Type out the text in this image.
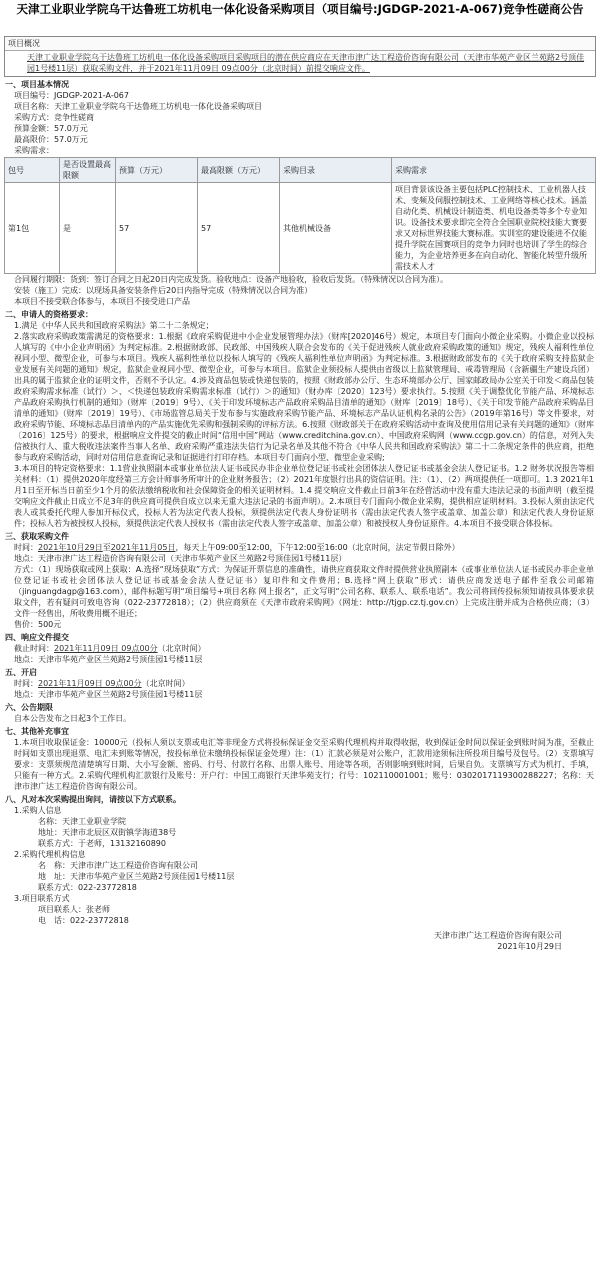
天津工业职业学院乌干达鲁班工坊机电一体化设备采购项目（项目编号:JGDGP-2021-A-067)竞争性磋商公告
项目概况
天津工业职业学院乌干达鲁班工坊机电一体化设备采购项目采购项目的潜在供应商应在天津市津广达工程造价咨询有限公司（天津市华苑产业区兰苑路2号顶佳园1号楼11层）获取采购文件，并于2021年11月09日 09点00分（北京时间）前提交响应文件。
一、项目基本情况
项目编号：JGDGP-2021-A-067
项目名称：天津工业职业学院乌干达鲁班工坊机电一体化设备采购项目
采购方式：竞争性磋商
预算金额：57.0万元
最高限价：57.0万元
采购需求：
包号	是否设置最高限额	预算（万元）	最高限额（万元）	采购目录	采购需求
第1包	是	57	57	其他机械设备	项目背景该设备主要包括PLC控制技术、工业机器人技术、变频及伺服控制技术、工业网络等核心技术。涵盖自动化类、机械设计制造类、机电设备类等多个专业知识。设备技术要求即完全符合全国职业院校技能大赛要求又对标世界技能大赛标准。实训室的建设能进不仅能提升学院在国赛项目的竞争力同时也培训了学生的综合能力，为企业培养更多在向自动化、智能化转型升级所需技术人才
合同履行期限：货到：签订合同之日起20日内完成发货。验收地点：设备产地验收，验收后发货。（特殊情况以合同为准）。
安装（施工）完成：以现场具备安装条件后20日内指导完成（特殊情况以合同为准）
本项目不接受联合体参与，本项目不接受进口产品
二、申请人的资格要求：
1.满足《中华人民共和国政府采购法》第二十二条规定；
2.落实政府采购政策需满足的资格要求：1.根据《政府采购促进中小企业发展管理办法》（财库[2020]46号）规定，本项目专门面向小微企业采购。小微企业以投标人填写的《中小企业声明函》为判定标准。2.根据财政部、民政部、中国残疾人联合会发布的《关于促进残疾人就业政府采购政策的通知》规定，残疾人福利性单位视同小型、微型企业，可参与本项目。残疾人福利性单位以投标人填写的《残疾人福利性单位声明函》为判定标准。3.根据财政部发布的《关于政府采购支持监狱企业发展有关问题的通知》规定，监狱企业视同小型、微型企业，可参与本项目。监狱企业须投标人提供由省级以上监狱管理局、戒毒管理局（含新疆生产建设兵团）出具的属于监狱企业的证明文件，否则不予认定。4.涉及商品包装或快递包装的，按照《财政部办公厅、生态环境部办公厅、国家邮政局办公室关于印发＜商品包装政府采购需求标准（试行）＞、＜快递包装政府采购需求标准（试行）＞的通知》（财办库〔2020〕123号）要求执行。5.按照《关于调整优化节能产品、环境标志产品政府采购执行机制的通知》（财库〔2019〕9号）、《关于印发环境标志产品政府采购品目清单的通知》（财库〔2019〕18号）、《关于印发节能产品政府采购品目清单的通知》（财库〔2019〕19号）、《市场监管总局关于发布参与实施政府采购节能产品、环境标志产品认证机构名录的公告》（2019年第16号）等文件要求，对政府采购节能、环境标志品目清单内的产品实施优先采购和强制采购的评标方法。6.按照《财政部关于在政府采购活动中查询及使用信用记录有关问题的通知》（财库〔2016〕125号）的要求，根据响应文件提交的截止时间“信用中国”网站（www.creditchina.gov.cn）、中国政府采购网（www.ccgp.gov.cn）的信息，对列入失信被执行人、重大税收违法案件当事人名单、政府采购严重违法失信行为记录名单及其他不符合《中华人民共和国政府采购法》第二十二条规定条件的供应商，拒绝参与政府采购活动，同时对信用信息查询记录和证据进行打印存档。本项目专门面向小型、微型企业采购;
3.本项目的特定资格要求：1.1营业执照副本或事业单位法人证书或民办非企业单位登记证书或社会团体法人登记证书或基金会法人登记证书。1.2 财务状况报告等相关材料：（1）提供2020年度经第三方会计师事务所审计的企业财务报告；（2）2021年度银行出具的资信证明。注：（1）、（2）两项提供任一项即可。1.3 2021年1月1日至开标当日前至少1个月的依法缴纳税收和社会保障资金的相关证明材料。1.4 提交响应文件截止日前3年在经营活动中没有重大违法记录的书面声明（截至提交响应文件截止日成立不足3年的供应商可提供自成立以来无重大违法记录的书面声明）。2.本项目专门面向小微企业采购，提供相应证明材料。3.投标人须由法定代表人或其委托代理人参加开标仪式，投标人若为法定代表人投标，须提供法定代表人身份证明书（需由法定代表人签字或盖章、加盖公章）和法定代表人身份证原件；投标人若为被授权人投标，须提供法定代表人授权书（需由法定代表人签字或盖章、加盖公章）和被授权人身份证原件。4.本项目不接受联合体投标。
三、获取采购文件
时间：2021年10月29日至2021年11月05日，每天上午09:00至12:00，下午12:00至16:00（北京时间，法定节假日除外）
地点：天津市津广达工程造价咨询有限公司（天津市华苑产业区兰苑路2号顶佳园1号楼11层）
方式：（1）现场获取或网上获取：A.选择“现场获取”方式：为保证开票信息的准确性，请供应商获取文件时提供营业执照副本（或事业单位法人证书或民办非企业单位登记证书或社会团体法人登记证书或基金会法人登记证书）复印件和文件费用；B.选择“网上获取”形式：请供应商发送电子邮件至我公司邮箱（jinguangdagp@163.com），邮件标题写明“项目编号+项目名称 网上报名”，正文写明“公司名称、联系人、联系电话”。我公司将回传投标须知请按具体要求获取文件，若有疑问可致电咨询（022-23772818）；（2）供应商须在《天津市政府采购网》（网址：http://tjgp.cz.tj.gov.cn）上完成注册并成为合格供应商；（3）文件一经售出，所收费用概不退还；
售价：500元
四、响应文件提交
截止时间：2021年11月09日 09点00分（北京时间）
地点：天津市华苑产业区兰苑路2号顶佳园1号楼11层
五、开启
时间：2021年11月09日 09点00分（北京时间）
地点：天津市华苑产业区兰苑路2号顶佳园1号楼11层
六、公告期限
自本公告发布之日起3个工作日。
七、其他补充事宜
1.本项目收取保证金：10000元（投标人须以支票或电汇等非现金方式将投标保证金交至采购代理机构并取得收据，收到保证金时间以保证金到账时间为准，至截止时间如支票出现退票、电汇未到账等情况，按投标单位未缴纳投标保证金处理）注：（1）汇款必须是对公账户，汇款用途须标注所投项目编号及包号。（2）支票填写要求：支票须规范清楚填写日期、大小写金额、密码、行号、付款行名称、出票人账号、用途等各项，否则影响到账时间，后果自负。支票填写方式为机打、手填，只能有一种方式。2.采购代理机构汇款银行及账号：开户行：中国工商银行天津华苑支行；行号：102110001001；账号：0302017119300288227；名称：天津市津广达工程造价咨询有限公司。
八、凡对本次采购提出询问，请按以下方式联系。
1.采购人信息
名称：天津工业职业学院
地址：天津市北辰区双街镇学海道38号
联系方式：于老师，13132160890
2.采购代理机构信息
名　称：天津市津广达工程造价咨询有限公司
地　址：天津市华苑产业区兰苑路2号顶佳园1号楼11层
联系方式：022-23772818
3.项目联系方式
项目联系人：张老师
电　话：022-23772818
天津市津广达工程造价咨询有限公司
2021年10月29日
